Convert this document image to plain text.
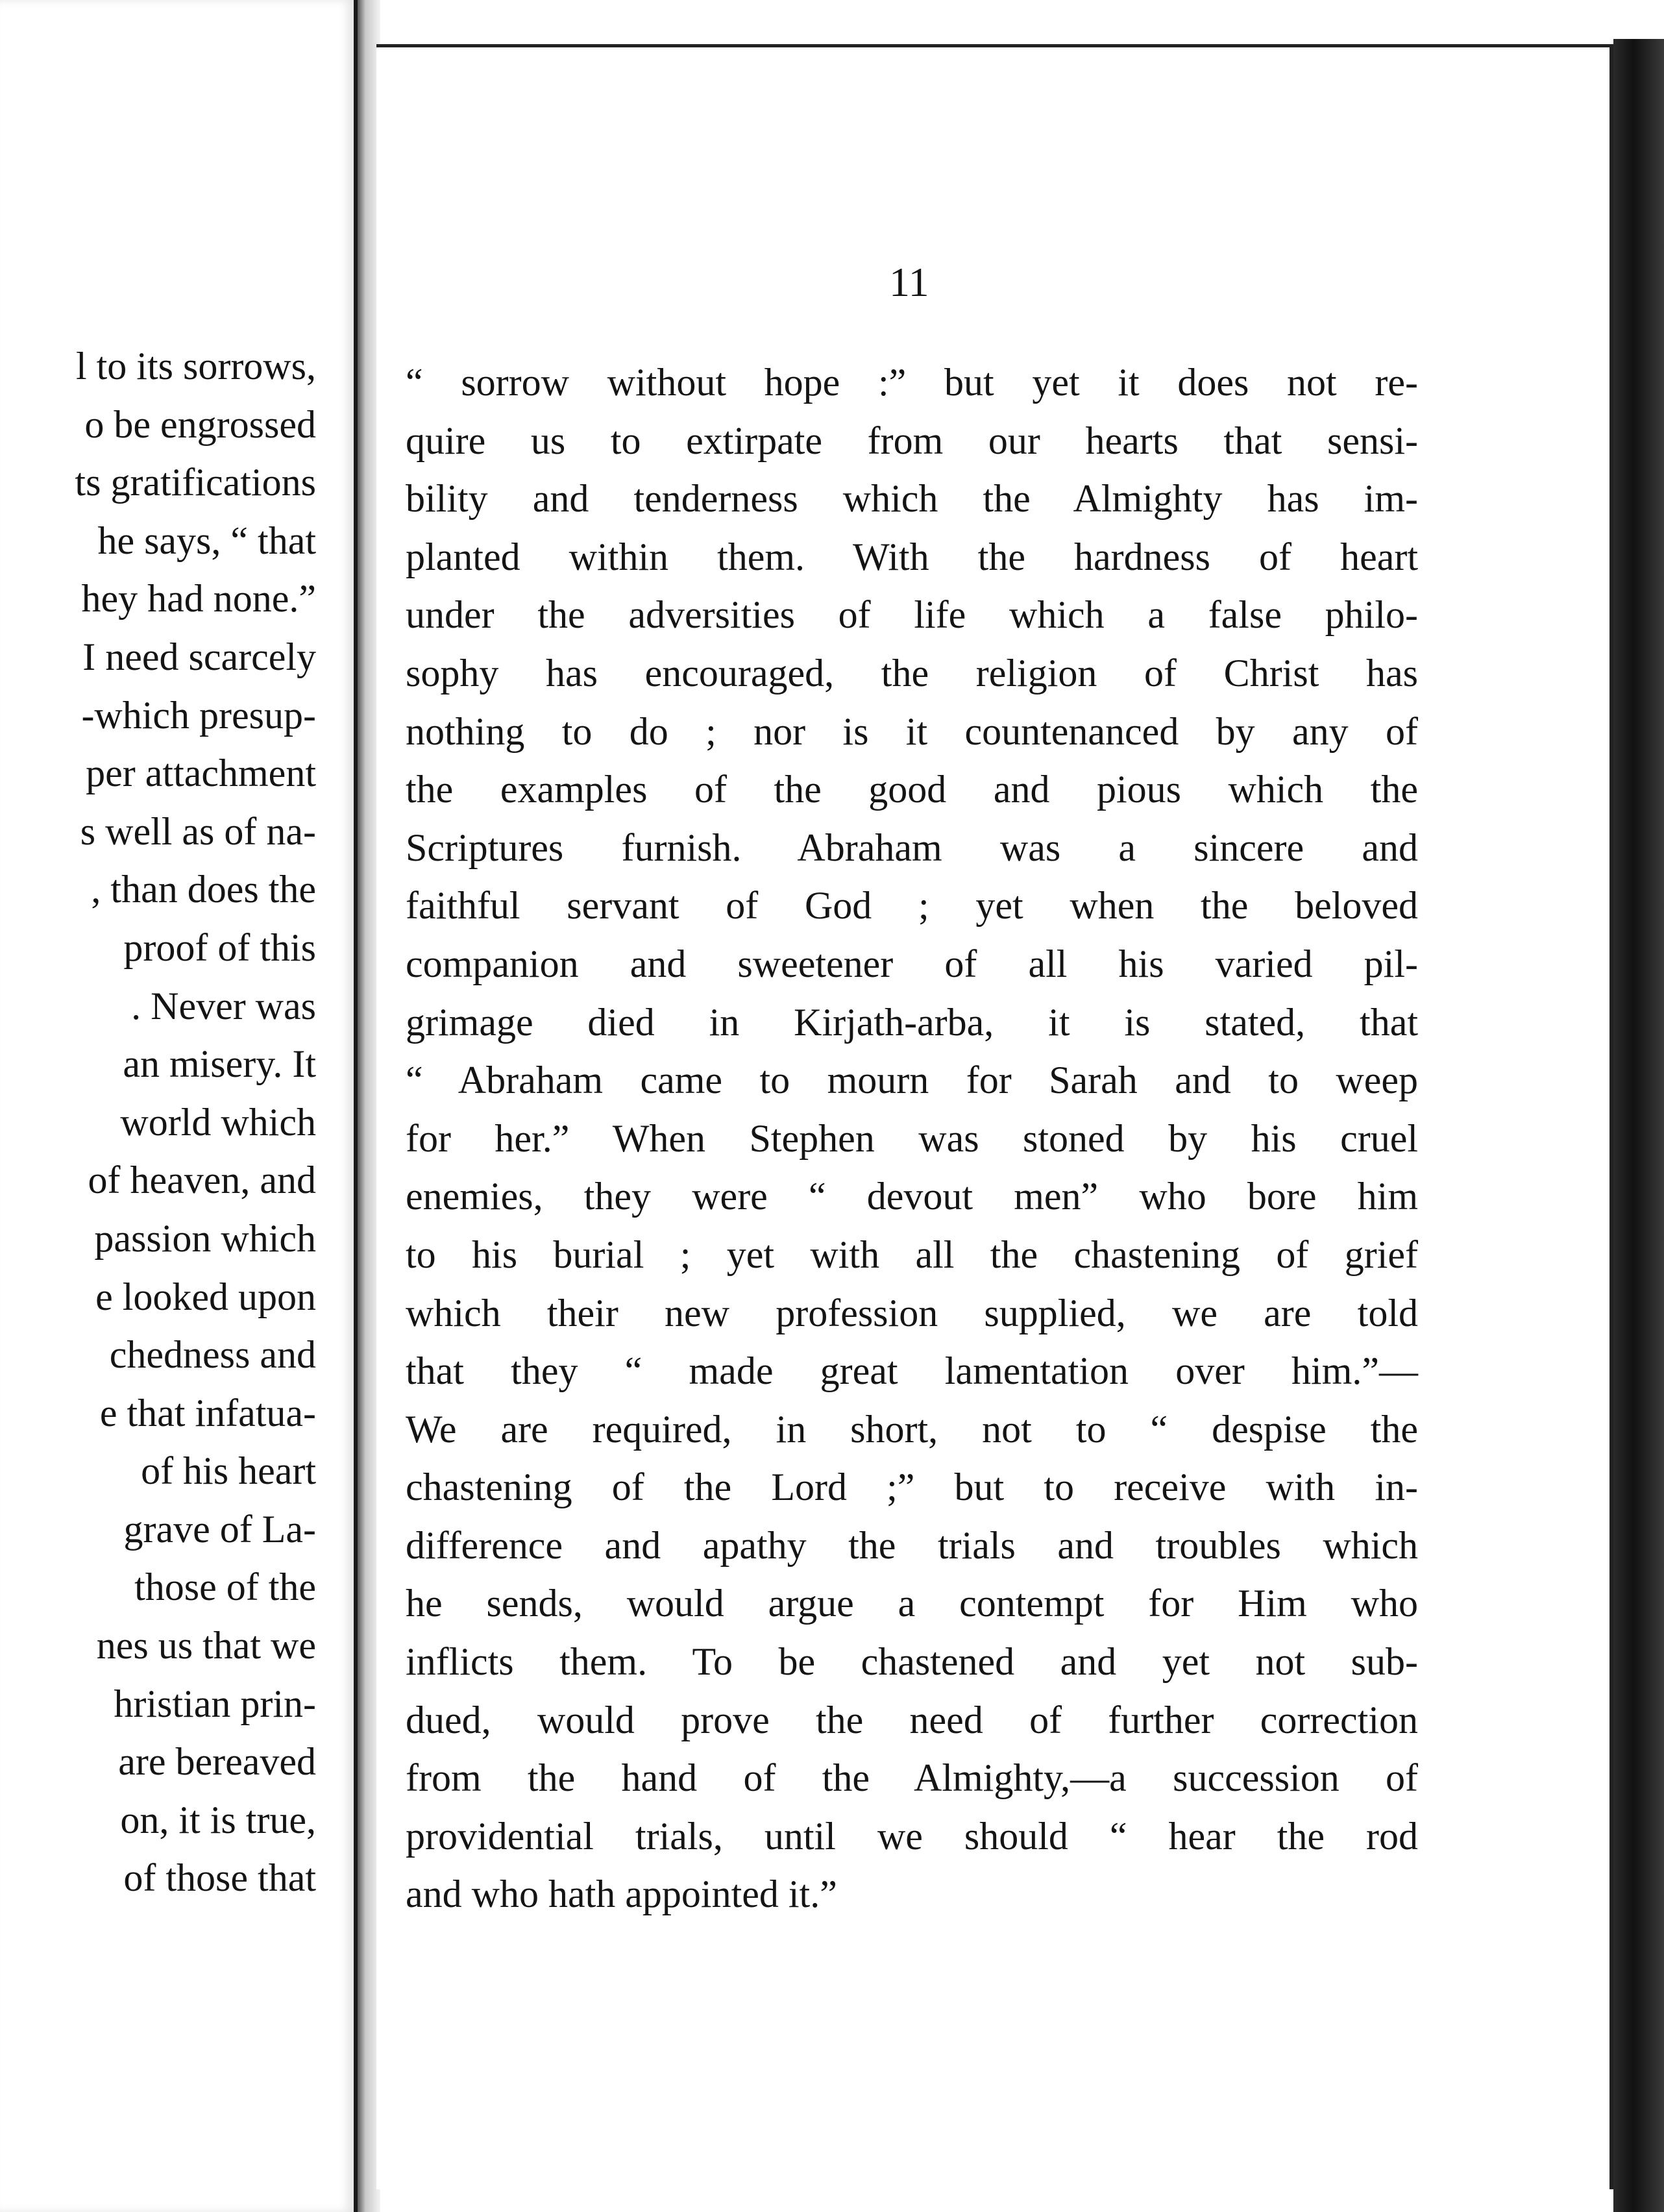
l to its sorrows,
o be engrossed
ts gratifications
he says, “ that
hey had none.”
I need scarcely
-which presup-
per attachment
s well as of na-
, than does the
proof of this
. Never was
an misery. It
world which
of heaven, and
passion which
e looked upon
chedness and
e that infatua-
of his heart
grave of La-
those of the
nes us that we
hristian prin-
are bereaved
on, it is true,
of those that
11
“ sorrow without hope :” but yet it does not re-
quire us to extirpate from our hearts that sensi-
bility and tenderness which the Almighty has im-
planted within them. With the hardness of heart
under the adversities of life which a false philo-
sophy has encouraged, the religion of Christ has
nothing to do ; nor is it countenanced by any of
the examples of the good and pious which the
Scriptures furnish. Abraham was a sincere and
faithful servant of God ; yet when the beloved
companion and sweetener of all his varied pil-
grimage died in Kirjath-arba, it is stated, that
“ Abraham came to mourn for Sarah and to weep
for her.” When Stephen was stoned by his cruel
enemies, they were “ devout men” who bore him
to his burial ; yet with all the chastening of grief
which their new profession supplied, we are told
that they “ made great lamentation over him.”—
We are required, in short, not to “ despise the
chastening of the Lord ;” but to receive with in-
difference and apathy the trials and troubles which
he sends, would argue a contempt for Him who
inflicts them. To be chastened and yet not sub-
dued, would prove the need of further correction
from the hand of the Almighty,—a succession of
providential trials, until we should “ hear the rod
and who hath appointed it.”
